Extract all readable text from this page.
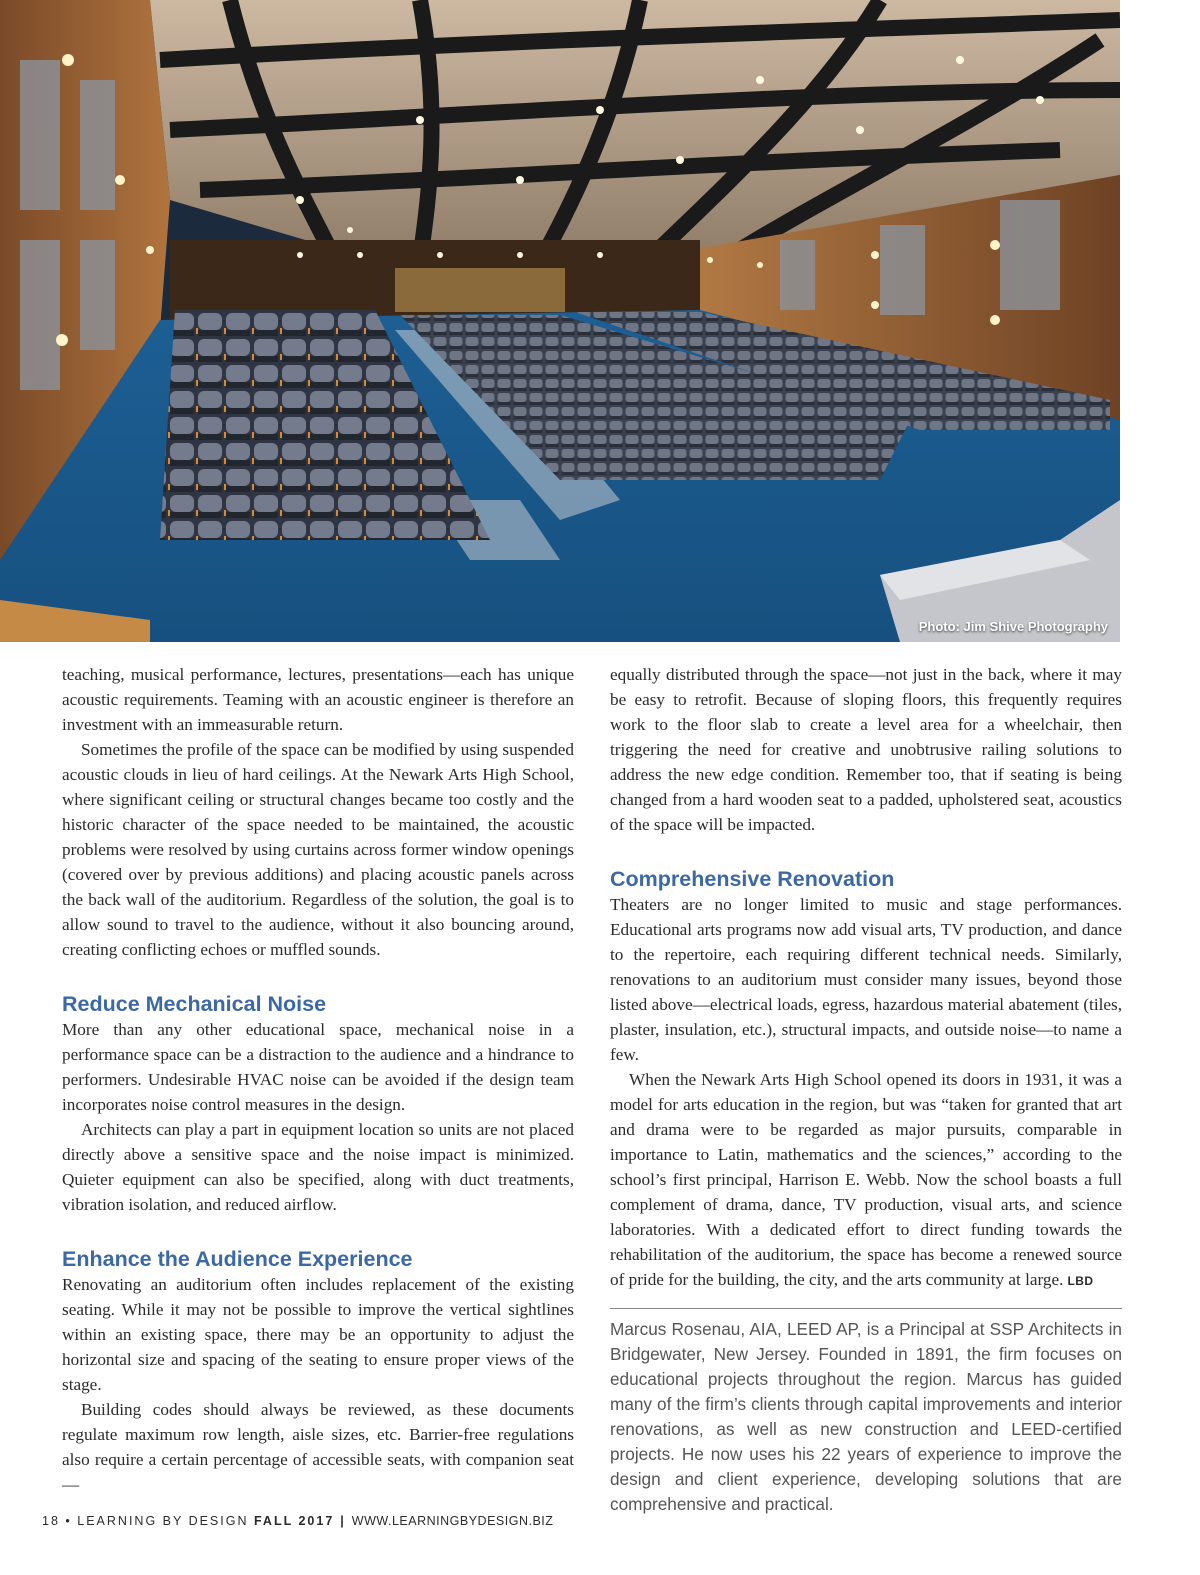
Photo: Jim Shive Photography

teaching, musical performance, lectures, presentations—each has unique acoustic requirements. Teaming with an acoustic engineer is therefore an investment with an immeasurable return.

Sometimes the profile of the space can be modified by using suspended acoustic clouds in lieu of hard ceilings. At the Newark Arts High School, where significant ceiling or structural changes became too costly and the historic character of the space needed to be maintained, the acoustic problems were resolved by using curtains across former window openings (covered over by previous additions) and placing acoustic panels across the back wall of the auditorium. Regardless of the solution, the goal is to allow sound to travel to the audience, without it also bouncing around, creating conflicting echoes or muffled sounds.

Reduce Mechanical Noise

More than any other educational space, mechanical noise in a performance space can be a distraction to the audience and a hindrance to performers. Undesirable HVAC noise can be avoided if the design team incorporates noise control measures in the design.

Architects can play a part in equipment location so units are not placed directly above a sensitive space and the noise impact is minimized. Quieter equipment can also be specified, along with duct treatments, vibration isolation, and reduced airflow.

Enhance the Audience Experience

Renovating an auditorium often includes replacement of the existing seating. While it may not be possible to improve the vertical sightlines within an existing space, there may be an opportunity to adjust the horizontal size and spacing of the seating to ensure proper views of the stage.

Building codes should always be reviewed, as these documents regulate maximum row length, aisle sizes, etc. Barrier-free regulations also require a certain percentage of accessible seats, with companion seat—

equally distributed through the space—not just in the back, where it may be easy to retrofit. Because of sloping floors, this frequently requires work to the floor slab to create a level area for a wheelchair, then triggering the need for creative and unobtrusive railing solutions to address the new edge condition. Remember too, that if seating is being changed from a hard wooden seat to a padded, upholstered seat, acoustics of the space will be impacted.

Comprehensive Renovation

Theaters are no longer limited to music and stage performances. Educational arts programs now add visual arts, TV production, and dance to the repertoire, each requiring different technical needs. Similarly, renovations to an auditorium must consider many issues, beyond those listed above—electrical loads, egress, hazardous material abatement (tiles, plaster, insulation, etc.), structural impacts, and outside noise—to name a few.

When the Newark Arts High School opened its doors in 1931, it was a model for arts education in the region, but was “taken for granted that art and drama were to be regarded as major pursuits, comparable in importance to Latin, mathematics and the sciences,” according to the school’s first principal, Harrison E. Webb. Now the school boasts a full complement of drama, dance, TV production, visual arts, and science laboratories. With a dedicated effort to direct funding towards the rehabilitation of the auditorium, the space has become a renewed source of pride for the building, the city, and the arts community at large. LBD

Marcus Rosenau, AIA, LEED AP, is a Principal at SSP Architects in Bridgewater, New Jersey. Founded in 1891, the firm focuses on educational projects throughout the region. Marcus has guided many of the firm’s clients through capital improvements and interior renovations, as well as new construction and LEED-certified projects. He now uses his 22 years of experience to improve the design and client experience, developing solutions that are comprehensive and practical.

18 • LEARNING BY DESIGN FALL 2017 | WWW.LEARNINGBYDESIGN.BIZ
